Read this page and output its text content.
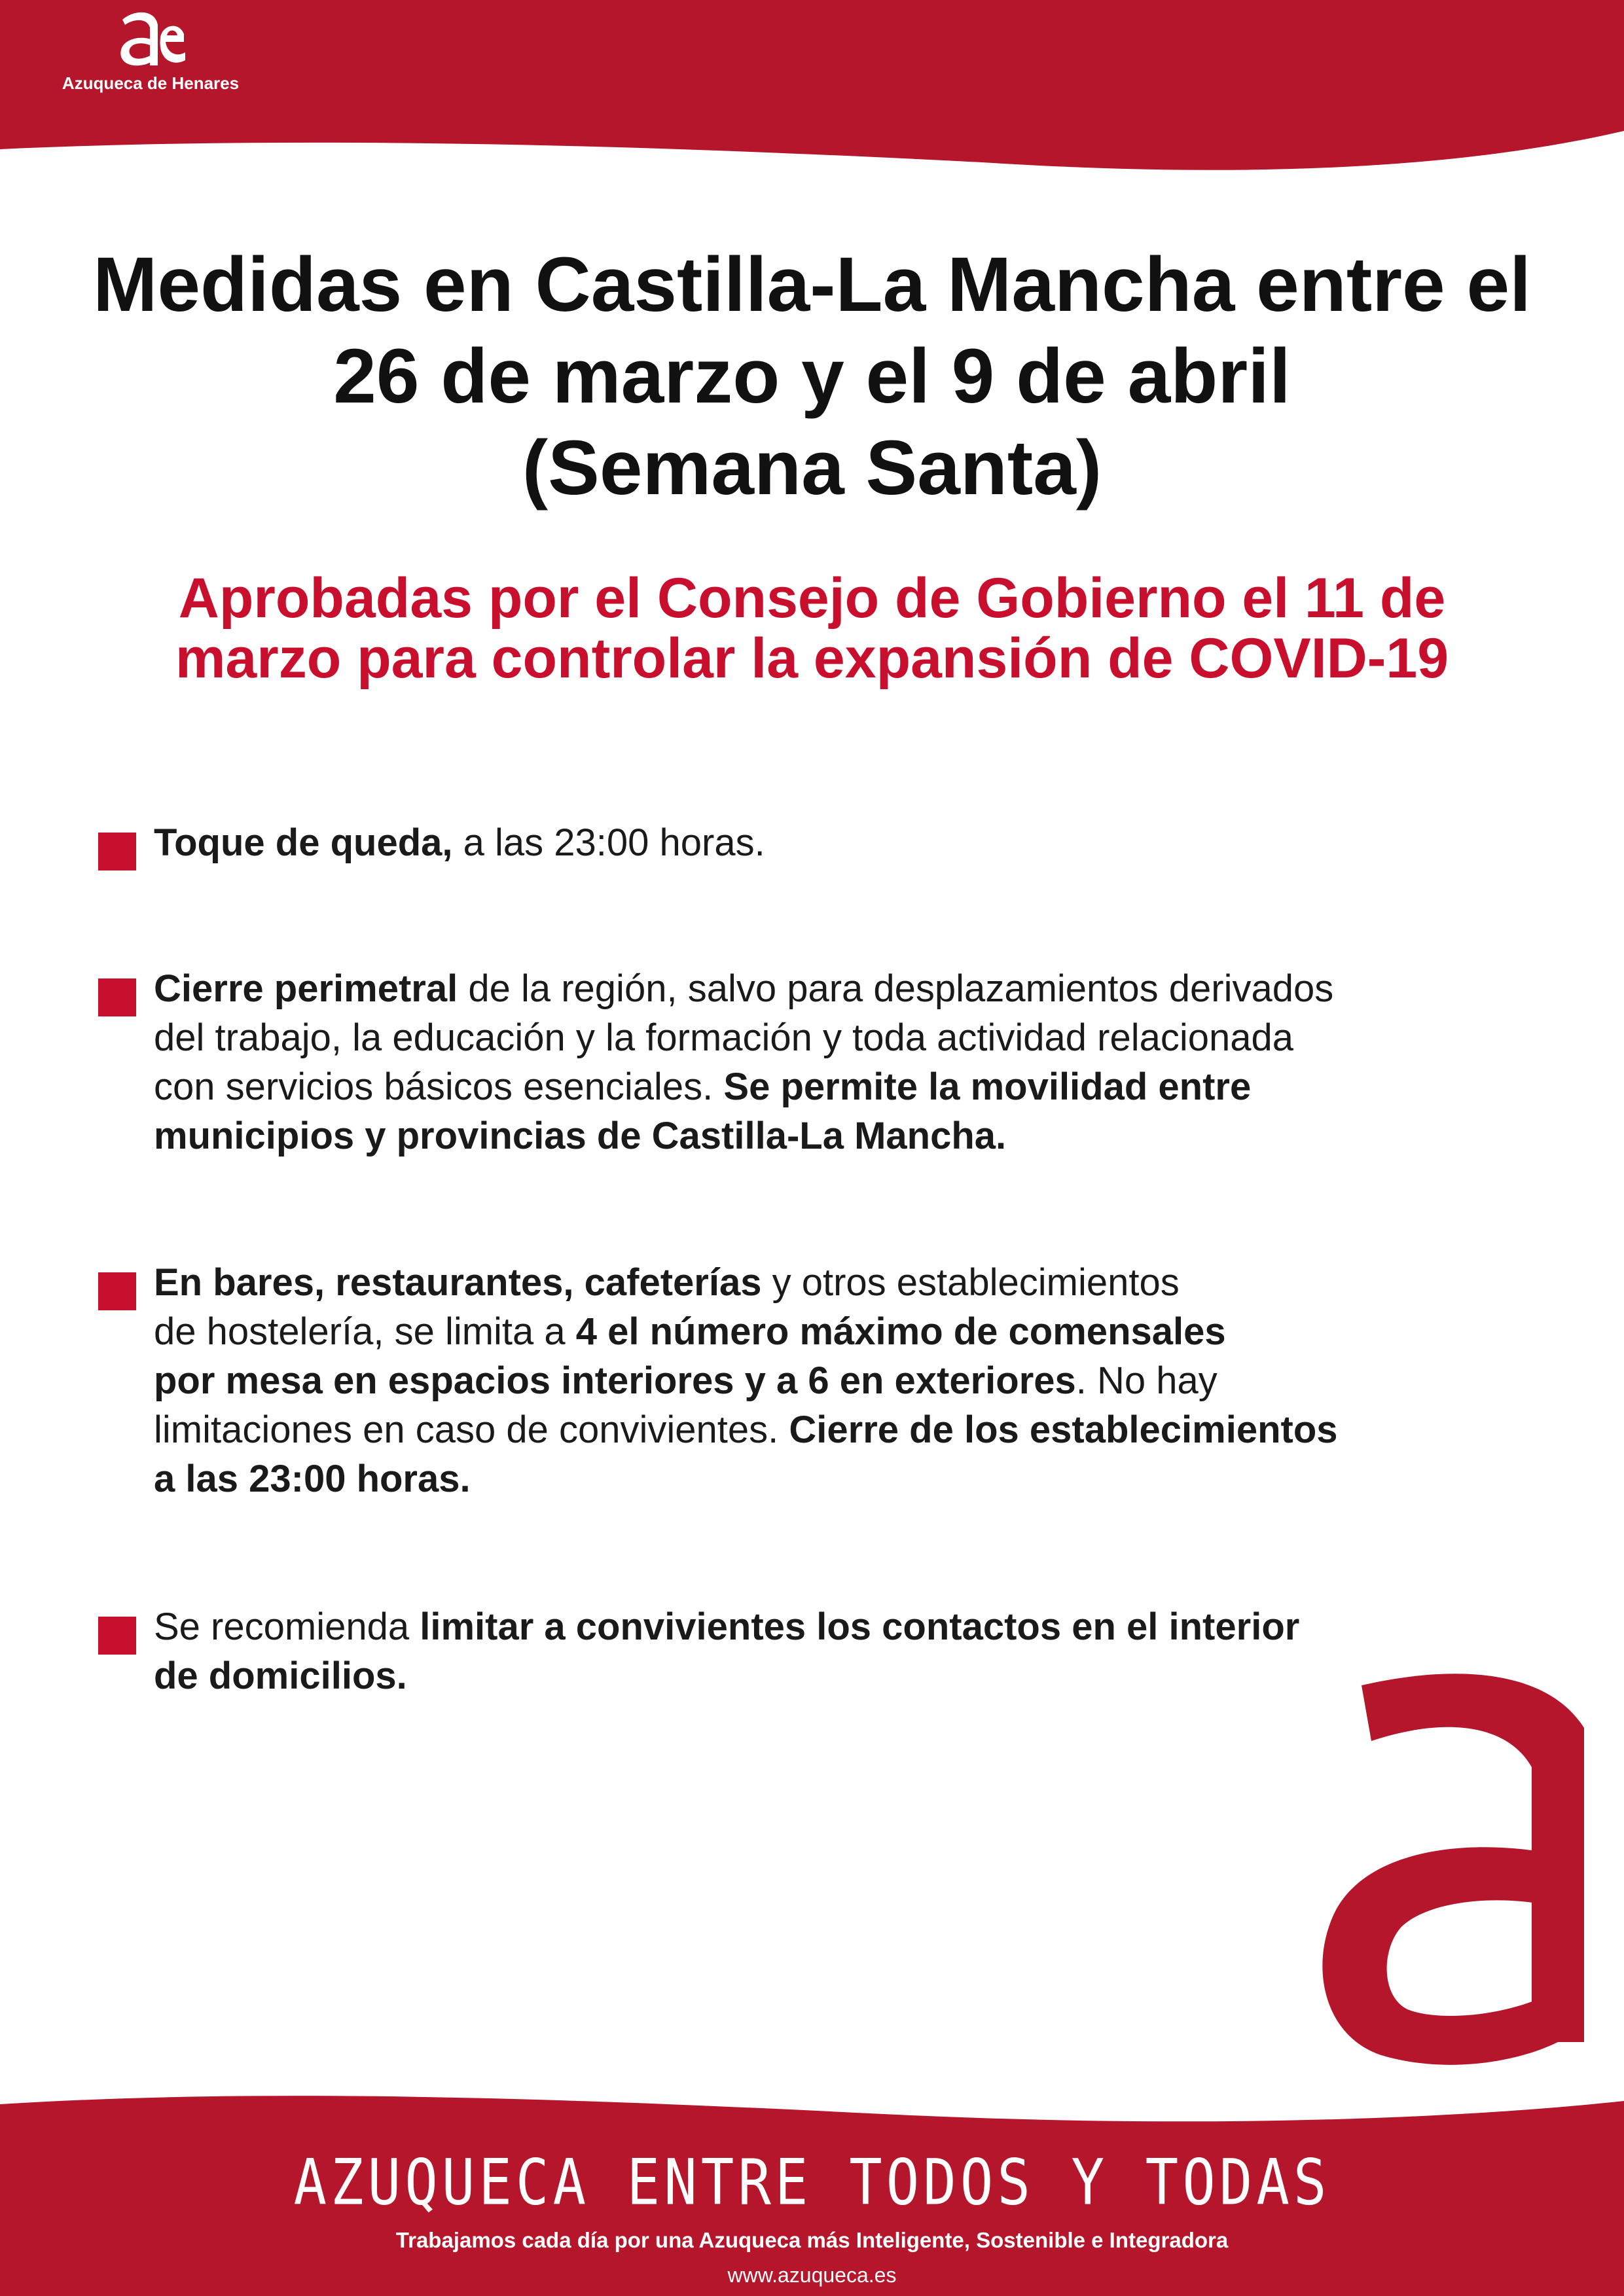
Azuqueca de Henares
Medidas en Castilla-La Mancha entre el
26 de marzo y el 9 de abril
(Semana Santa)
Aprobadas por el Consejo de Gobierno el 11 de
marzo para controlar la expansión de COVID-19
Toque de queda, a las 23:00 horas.
Cierre perimetral de la región, salvo para desplazamientos derivados
del trabajo, la educación y la formación y toda actividad relacionada
con servicios básicos esenciales. Se permite la movilidad entre
municipios y provincias de Castilla-La Mancha.
En bares, restaurantes, cafeterías y otros establecimientos
de hostelería, se limita a 4 el número máximo de comensales
por mesa en espacios interiores y a 6 en exteriores. No hay
limitaciones en caso de convivientes. Cierre de los establecimientos
a las 23:00 horas.
Se recomienda limitar a convivientes los contactos en el interior
de domicilios.
AZUQUECA ENTRE TODOS Y TODAS
Trabajamos cada día por una Azuqueca más Inteligente, Sostenible e Integradora
www.azuqueca.es
